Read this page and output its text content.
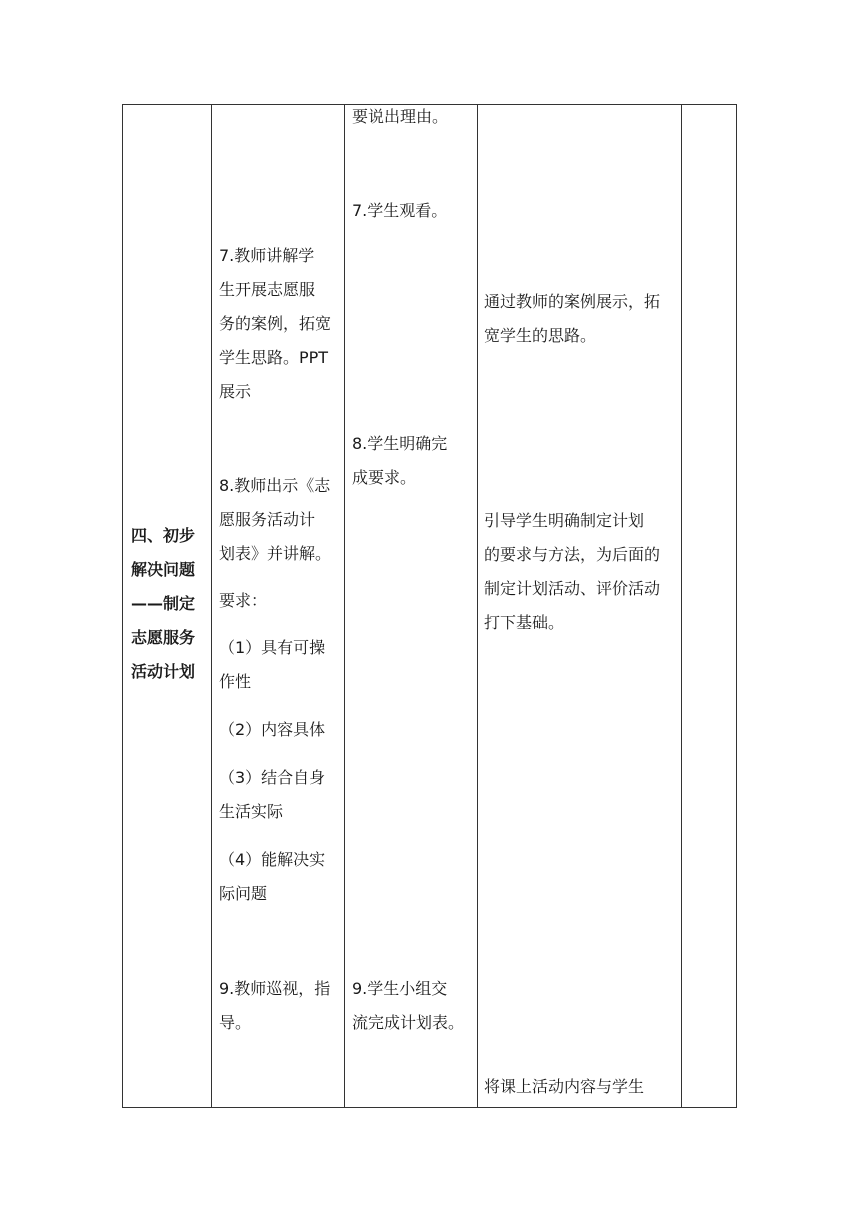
四、初步
解决问题
——制定
志愿服务
活动计划
7.教师讲解学
生开展志愿服
务的案例，拓宽
学生思路。PPT
展示
8.教师出示《志
愿服务活动计
划表》并讲解。
要求：
（1）具有可操
作性
（2）内容具体
（3）结合自身
生活实际
（4）能解决实
际问题
9.教师巡视，指
导。
要说出理由。
7.学生观看。
8.学生明确完
成要求。
9.学生小组交
流完成计划表。
通过教师的案例展示，拓
宽学生的思路。
引导学生明确制定计划
的要求与方法，为后面的
制定计划活动、评价活动
打下基础。
将课上活动内容与学生
